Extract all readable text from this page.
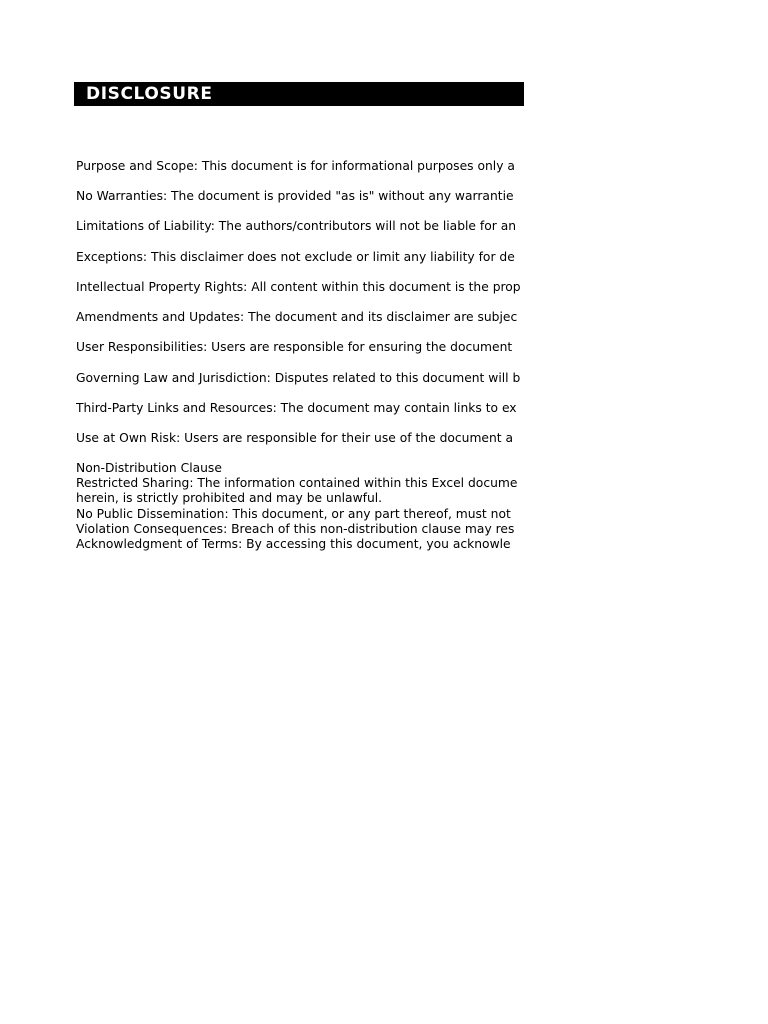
DISCLOSURE
Purpose and Scope: This document is for informational purposes only a
No Warranties: The document is provided "as is" without any warrantie
Limitations of Liability: The authors/contributors will not be liable for an
Exceptions: This disclaimer does not exclude or limit any liability for de
Intellectual Property Rights: All content within this document is the prop
Amendments and Updates: The document and its disclaimer are subjec
User Responsibilities: Users are responsible for ensuring the document
Governing Law and Jurisdiction: Disputes related to this document will b
Third-Party Links and Resources: The document may contain links to ex
Use at Own Risk: Users are responsible for their use of the document a
Non-Distribution Clause
Restricted Sharing: The information contained within this Excel docume
herein, is strictly prohibited and may be unlawful.
No Public Dissemination: This document, or any part thereof, must not
Violation Consequences: Breach of this non-distribution clause may res
Acknowledgment of Terms: By accessing this document, you acknowle
